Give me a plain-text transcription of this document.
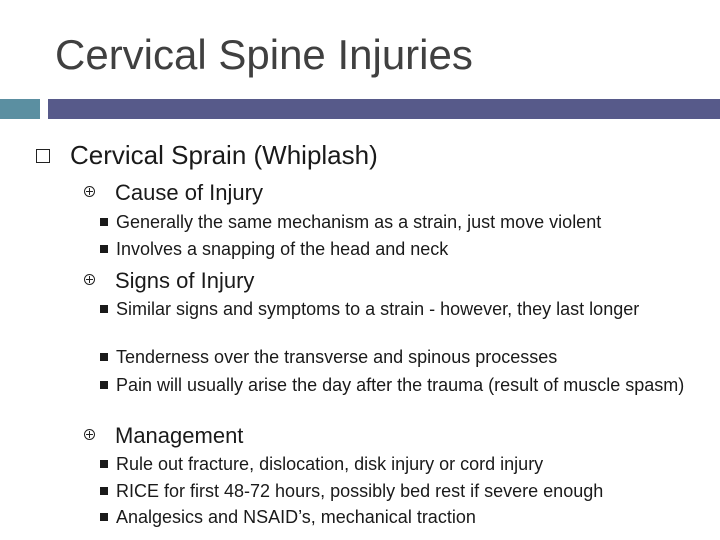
Cervical Spine Injuries
Cervical Sprain (Whiplash)
Cause of Injury
Generally the same mechanism as a strain, just move violent
Involves a snapping of the head and neck
Signs of Injury
Similar signs and symptoms to a strain - however, they last longer
Tenderness over the transverse and spinous processes
Pain will usually arise the day after the trauma (result of muscle spasm)
Management
Rule out fracture, dislocation, disk injury or cord injury
RICE for first 48-72 hours, possibly bed rest if severe enough
Analgesics and NSAID’s, mechanical traction
